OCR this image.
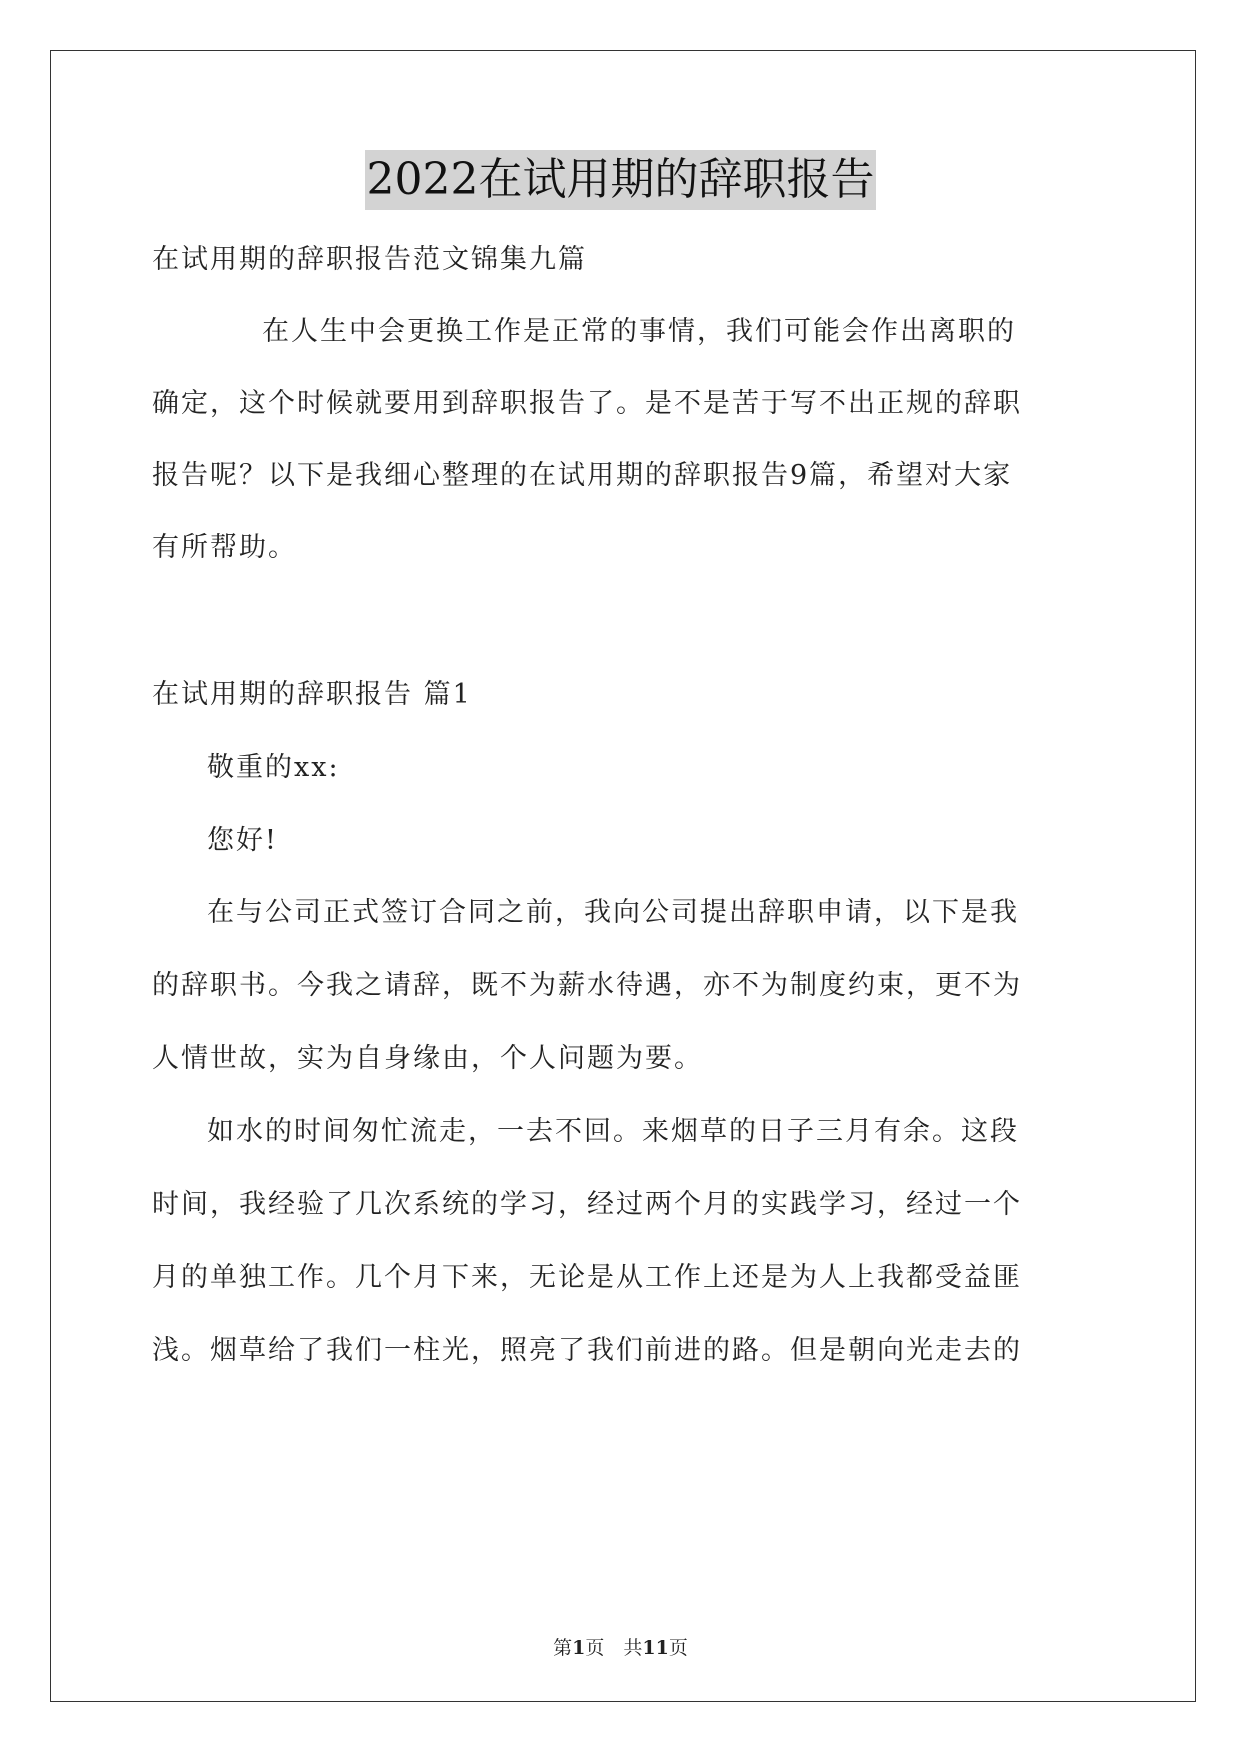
2022在试用期的辞职报告
在试用期的辞职报告范文锦集九篇
在人生中会更换工作是正常的事情，我们可能会作出离职的
确定，这个时候就要用到辞职报告了。是不是苦于写不出正规的辞职
报告呢？以下是我细心整理的在试用期的辞职报告9篇，希望对大家
有所帮助。
在试用期的辞职报告 篇1
敬重的xx:
您好!
在与公司正式签订合同之前，我向公司提出辞职申请，以下是我
的辞职书。今我之请辞，既不为薪水待遇，亦不为制度约束，更不为
人情世故，实为自身缘由，个人问题为要。
如水的时间匆忙流走，一去不回。来烟草的日子三月有余。这段
时间，我经验了几次系统的学习，经过两个月的实践学习，经过一个
月的单独工作。几个月下来，无论是从工作上还是为人上我都受益匪
浅。烟草给了我们一柱光，照亮了我们前进的路。但是朝向光走去的
第1页　共11页
